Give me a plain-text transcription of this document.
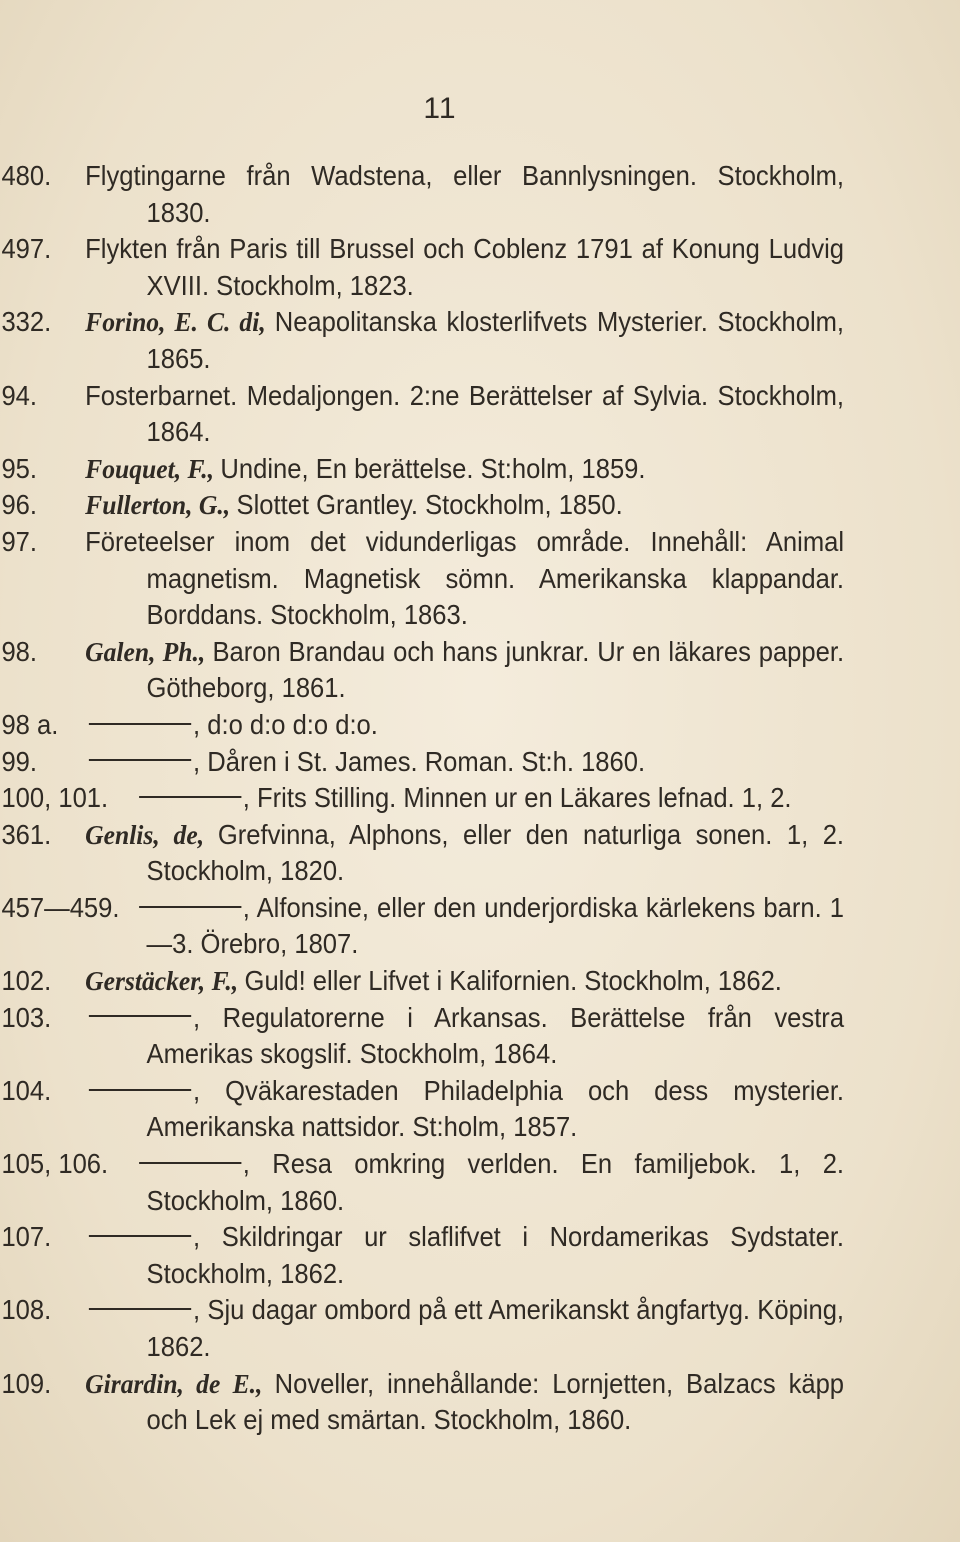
11
480. Flygtingarne från Wadstena, eller Bannlysningen. Stockholm, 1830.
497. Flykten från Paris till Brussel och Coblenz 1791 af Konung Ludvig XVIII. Stockholm, 1823.
332. Forino, E. C. di, Neapolitanska klosterlifvets Mysterier. Stockholm, 1865.
94. Fosterbarnet. Medaljongen. 2:ne Berättelser af Sylvia. Stockholm, 1864.
95. Fouquet, F., Undine, En berättelse. St:holm, 1859.
96. Fullerton, G., Slottet Grantley. Stockholm, 1850.
97. Företeelser inom det vidunderligas område. Innehåll: Animal magnetism. Magnetisk sömn. Amerikanska klappandar. Borddans. Stockholm, 1863.
98. Galen, Ph., Baron Brandau och hans junkrar. Ur en läkares papper. Götheborg, 1861.
98 a.	, d:o d:o d:o d:o.
99.	, Dåren i St. James. Roman. St:h. 1860.
100, 101.	, Frits Stilling. Minnen ur en Läkares lefnad. 1, 2.
361. Genlis, de, Grefvinna, Alphons, eller den naturliga sonen. 1, 2. Stockholm, 1820.
457—459.	, Alfonsine, eller den underjordiska kärlekens barn. 1—3. Örebro, 1807.
102. Gerstäcker, F., Guld! eller Lifvet i Kalifornien. Stockholm, 1862.
103.	, Regulatorerne i Arkansas. Berättelse från vestra Amerikas skogslif. Stockholm, 1864.
104.	, Qväkarestaden Philadelphia och dess mysterier. Amerikanska nattsidor. St:holm, 1857.
105, 106.	, Resa omkring verlden. En familjebok. 1, 2. Stockholm, 1860.
107.	, Skildringar ur slaflifvet i Nordamerikas Sydstater. Stockholm, 1862.
108.	, Sju dagar ombord på ett Amerikanskt ångfartyg. Köping, 1862.
109. Girardin, de E., Noveller, innehållande: Lornjetten, Balzacs käpp och Lek ej med smärtan. Stockholm, 1860.
